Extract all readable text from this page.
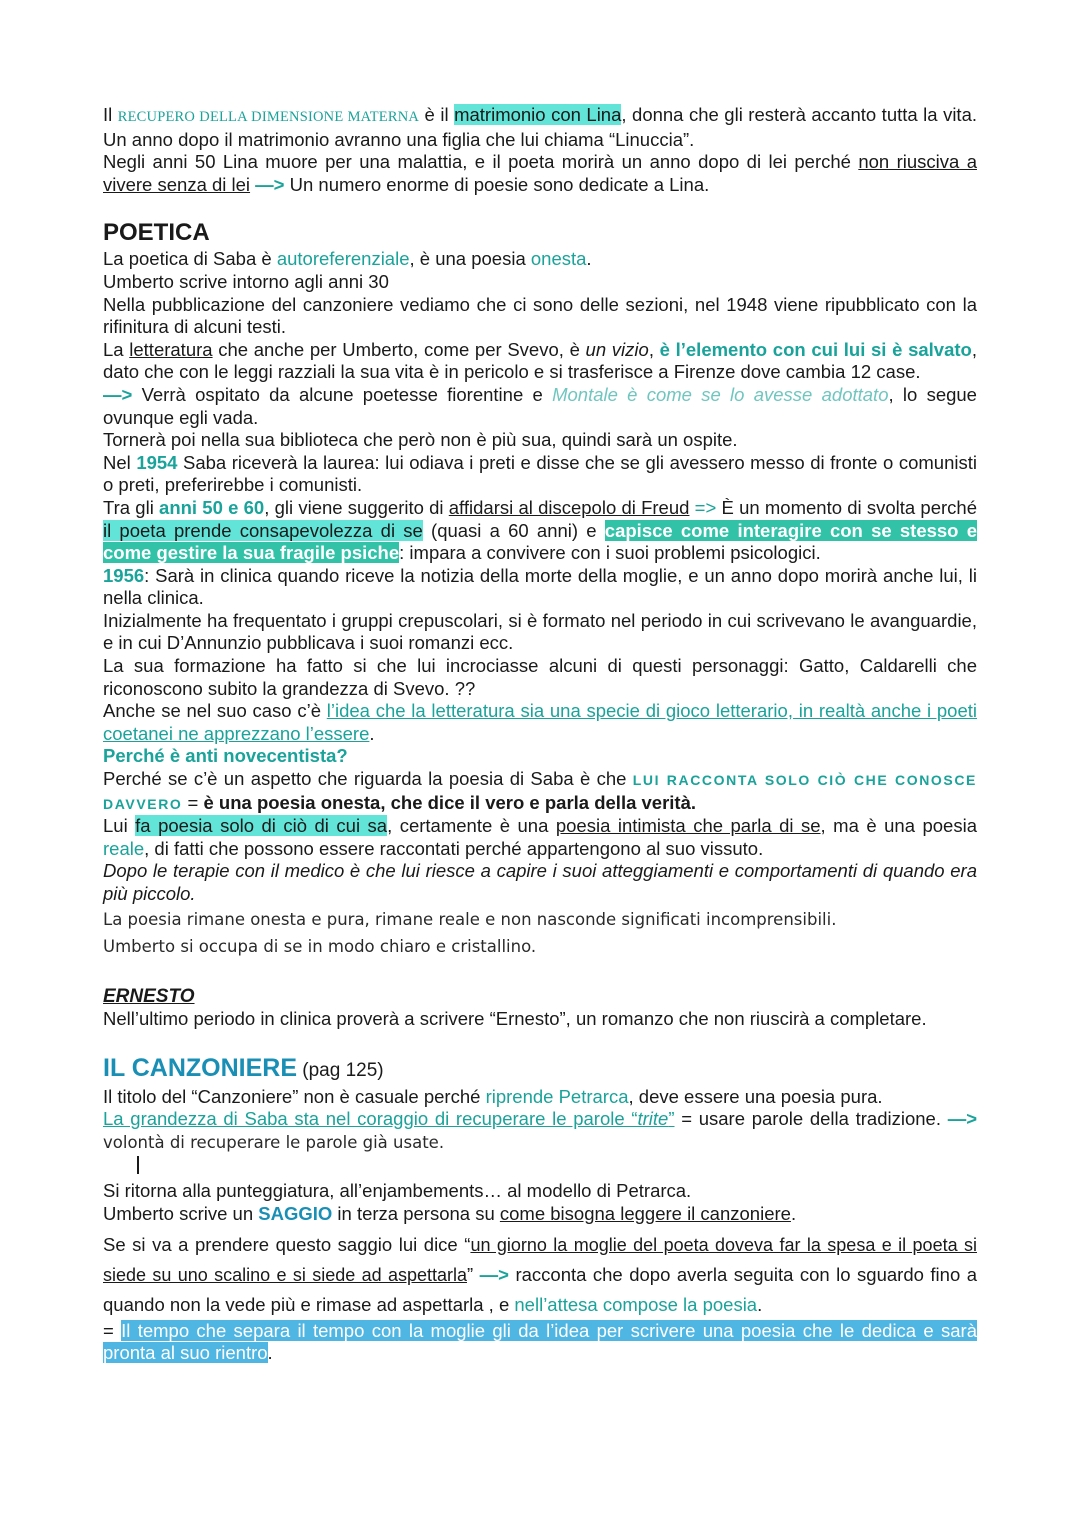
Il RECUPERO DELLA DIMENSIONE MATERNA è il matrimonio con Lina, donna che gli resterà accanto tutta la vita. Un anno dopo il matrimonio avranno una figlia che lui chiama “Linuccia”.

Negli anni 50 Lina muore per una malattia, e il poeta morirà un anno dopo di lei perché non riusciva a vivere senza di lei —> Un numero enorme di poesie sono dedicate a Lina.

POETICA

La poetica di Saba è autoreferenziale, è una poesia onesta.

Umberto scrive intorno agli anni 30

Nella pubblicazione del canzoniere vediamo che ci sono delle sezioni, nel 1948 viene ripubblicato con la rifinitura di alcuni testi.

La letteratura che anche per Umberto, come per Svevo, è un vizio, è l’elemento con cui lui si è salvato, dato che con le leggi razziali la sua vita è in pericolo e si trasferisce a Firenze dove cambia 12 case.

—> Verrà ospitato da alcune poetesse fiorentine e Montale è come se lo avesse adottato, lo segue ovunque egli vada.

Tornerà poi nella sua biblioteca che però non è più sua, quindi sarà un ospite.

Nel 1954 Saba riceverà la laurea: lui odiava i preti e disse che se gli avessero messo di fronte o comunisti o preti, preferirebbe i comunisti.

Tra gli anni 50 e 60, gli viene suggerito di affidarsi al discepolo di Freud => È un momento di svolta perché il poeta prende consapevolezza di se (quasi a 60 anni) e capisce come interagire con se stesso e come gestire la sua fragile psiche: impara a convivere con i suoi problemi psicologici.

1956: Sarà in clinica quando riceve la notizia della morte della moglie, e un anno dopo morirà anche lui, li nella clinica.

Inizialmente ha frequentato i gruppi crepuscolari, si è formato nel periodo in cui scrivevano le avanguardie, e in cui D’Annunzio pubblicava i suoi romanzi ecc.

La sua formazione ha fatto si che lui incrociasse alcuni di questi personaggi: Gatto, Caldarelli che riconoscono subito la grandezza di Svevo. ??

Anche se nel suo caso c’è l’idea che la letteratura sia una specie di gioco letterario, in realtà anche i poeti coetanei ne apprezzano l’essere.

Perché è anti novecentista?

Perché se c’è un aspetto che riguarda la poesia di Saba è che LUI RACCONTA SOLO CIÒ CHE CONOSCE DAVVERO = è una poesia onesta, che dice il vero e parla della verità.

Lui fa poesia solo di ciò di cui sa, certamente è una poesia intimista che parla di se, ma è una poesia reale, di fatti che possono essere raccontati perché appartengono al suo vissuto.

Dopo le terapie con il medico è che lui riesce a capire i suoi atteggiamenti e comportamenti di quando era più piccolo.

La poesia rimane onesta e pura, rimane reale e non nasconde significati incomprensibili.

Umberto si occupa di se in modo chiaro e cristallino.

ERNESTO

Nell’ultimo periodo in clinica proverà a scrivere “Ernesto”, un romanzo che non riuscirà a completare.

IL CANZONIERE (pag 125)

Il titolo del “Canzoniere” non è casuale perché riprende Petrarca, deve essere una poesia pura.

La grandezza di Saba sta nel coraggio di recuperare le parole “trite” = usare parole della tradizione. —> volontà di recuperare le parole già usate.

Si ritorna alla punteggiatura, all’enjambements… al modello di Petrarca.

Umberto scrive un SAGGIO in terza persona su come bisogna leggere il canzoniere.

Se si va a prendere questo saggio lui dice “un giorno la moglie del poeta doveva far la spesa e il poeta si siede su uno scalino e si siede ad aspettarla” —> racconta che dopo averla seguita con lo sguardo fino a quando non la vede più e rimase ad aspettarla , e nell’attesa compose la poesia.

= Il tempo che separa il tempo con la moglie gli da l’idea per scrivere una poesia che le dedica e sarà pronta al suo rientro.
